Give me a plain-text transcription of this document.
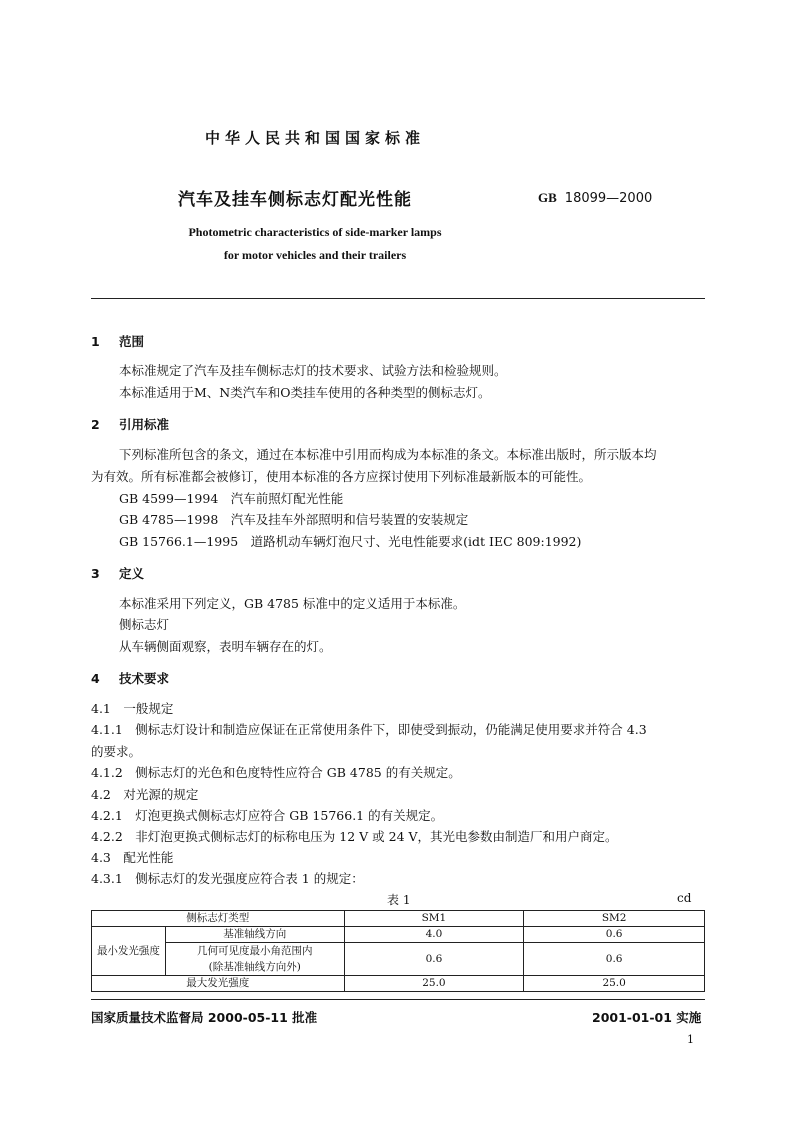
中华人民共和国国家标准
汽车及挂车侧标志灯配光性能	GB 18099—2000
Photometric characteristics of side-marker lamps
for motor vehicles and their trailers
1 范围
本标准规定了汽车及挂车侧标志灯的技术要求、试验方法和检验规则。
本标准适用于M、N类汽车和O类挂车使用的各种类型的侧标志灯。
2 引用标准
下列标准所包含的条文，通过在本标准中引用而构成为本标准的条文。本标准出版时，所示版本均
为有效。所有标准都会被修订，使用本标准的各方应探讨使用下列标准最新版本的可能性。
GB 4599—1994　汽车前照灯配光性能
GB 4785—1998　汽车及挂车外部照明和信号装置的安装规定
GB 15766.1—1995　道路机动车辆灯泡尺寸、光电性能要求(idt IEC 809:1992)
3 定义
本标准采用下列定义，GB 4785 标准中的定义适用于本标准。
侧标志灯
从车辆侧面观察，表明车辆存在的灯。
4 技术要求
4.1　一般规定
4.1.1　侧标志灯设计和制造应保证在正常使用条件下，即使受到振动，仍能满足使用要求并符合 4.3
的要求。
4.1.2　侧标志灯的光色和色度特性应符合 GB 4785 的有关规定。
4.2　对光源的规定
4.2.1　灯泡更换式侧标志灯应符合 GB 15766.1 的有关规定。
4.2.2　非灯泡更换式侧标志灯的标称电压为 12 V 或 24 V，其光电参数由制造厂和用户商定。
4.3　配光性能
4.3.1　侧标志灯的发光强度应符合表 1 的规定：
表 1	cd
侧标志灯类型		SM1	SM2
最小发光强度	基准轴线方向	4.0	0.6

	几何可见度最小角范围内
(除基准轴线方向外)	0.6	0.6
最大发光强度		25.0	25.0
国家质量技术监督局 2000-05-11 批准	2001-01-01 实施
1
